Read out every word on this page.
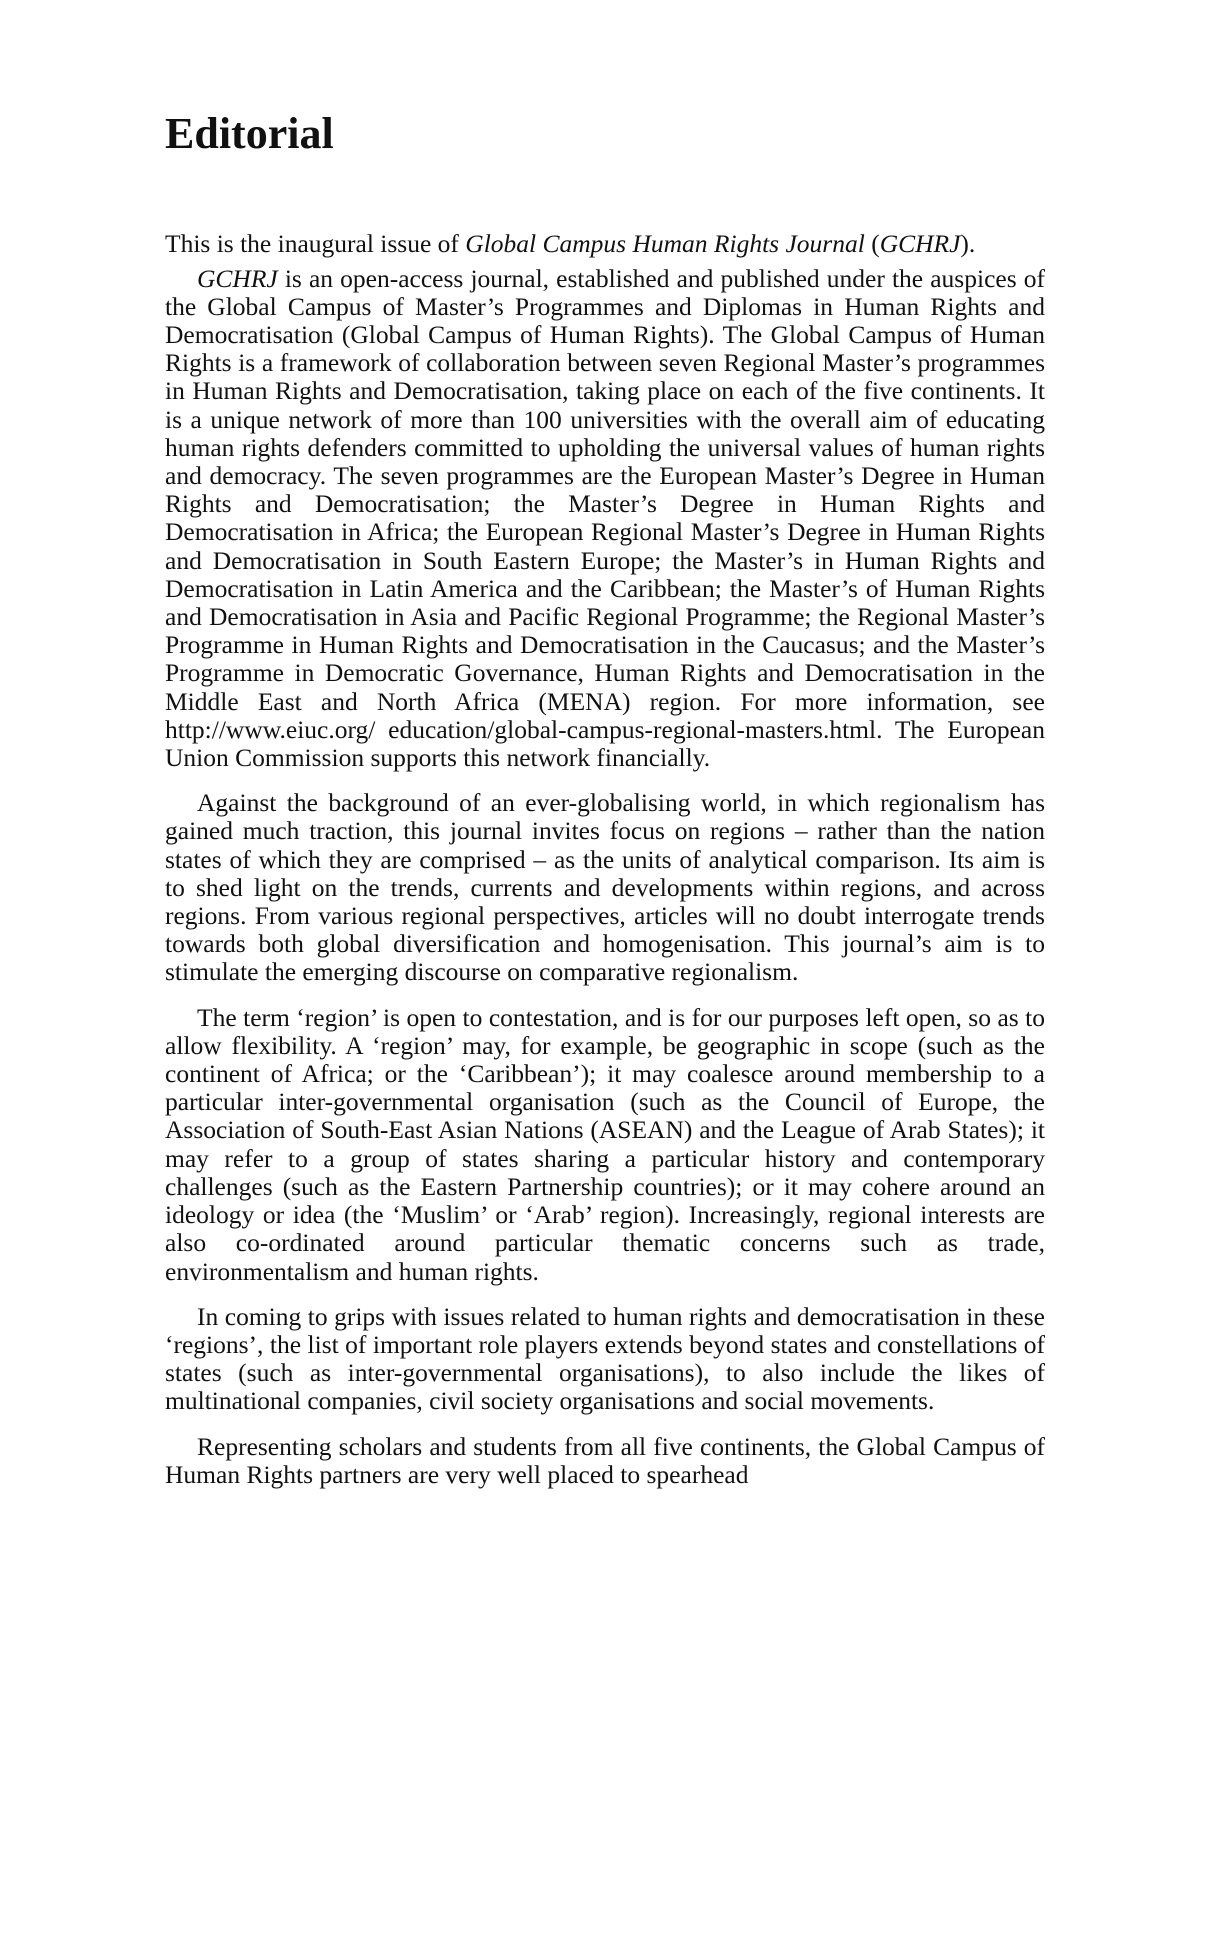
Editorial

This is the inaugural issue of Global Campus Human Rights Journal (GCHRJ).

GCHRJ is an open-access journal, established and published under the auspices of the Global Campus of Master’s Programmes and Diplomas in Human Rights and Democratisation (Global Campus of Human Rights). The Global Campus of Human Rights is a framework of collaboration between seven Regional Master’s programmes in Human Rights and Democratisation, taking place on each of the five continents. It is a unique network of more than 100 universities with the overall aim of educating human rights defenders committed to upholding the universal values of human rights and democracy. The seven programmes are the European Master’s Degree in Human Rights and Democratisation; the Master’s Degree in Human Rights and Democratisation in Africa; the European Regional Master’s Degree in Human Rights and Democratisation in South Eastern Europe; the Master’s in Human Rights and Democratisation in Latin America and the Caribbean; the Master’s of Human Rights and Democratisation in Asia and Pacific Regional Programme; the Regional Master’s Programme in Human Rights and Democratisation in the Caucasus; and the Master’s Programme in Democratic Governance, Human Rights and Democratisation in the Middle East and North Africa (MENA) region. For more information, see http://www.eiuc.org/ education/global-campus-regional-masters.html. The European Union Commission supports this network financially.

Against the background of an ever-globalising world, in which regionalism has gained much traction, this journal invites focus on regions – rather than the nation states of which they are comprised – as the units of analytical comparison. Its aim is to shed light on the trends, currents and developments within regions, and across regions. From various regional perspectives, articles will no doubt interrogate trends towards both global diversification and homogenisation. This journal’s aim is to stimulate the emerging discourse on comparative regionalism.

The term ‘region’ is open to contestation, and is for our purposes left open, so as to allow flexibility. A ‘region’ may, for example, be geographic in scope (such as the continent of Africa; or the ‘Caribbean’); it may coalesce around membership to a particular inter-governmental organisation (such as the Council of Europe, the Association of South-East Asian Nations (ASEAN) and the League of Arab States); it may refer to a group of states sharing a particular history and contemporary challenges (such as the Eastern Partnership countries); or it may cohere around an ideology or idea (the ‘Muslim’ or ‘Arab’ region). Increasingly, regional interests are also co-ordinated around particular thematic concerns such as trade, environmentalism and human rights.

In coming to grips with issues related to human rights and democratisation in these ‘regions’, the list of important role players extends beyond states and constellations of states (such as inter-governmental organisations), to also include the likes of multinational companies, civil society organisations and social movements.

Representing scholars and students from all five continents, the Global Campus of Human Rights partners are very well placed to spearhead
